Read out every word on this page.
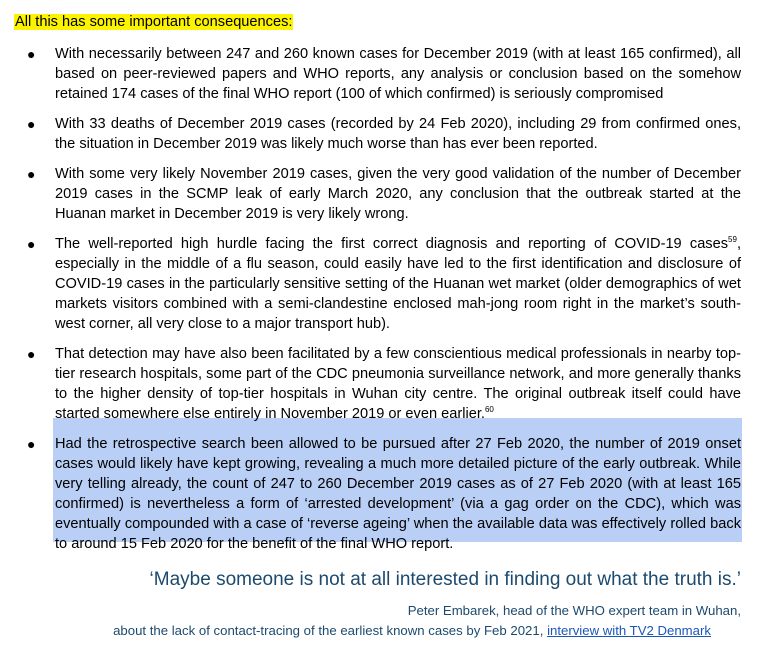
All this has some important consequences:
● With necessarily between 247 and 260 known cases for December 2019 (with at least 165 confirmed), all based on peer-reviewed papers and WHO reports, any analysis or conclusion based on the somehow retained 174 cases of the final WHO report (100 of which confirmed) is seriously compromised
● With 33 deaths of December 2019 cases (recorded by 24 Feb 2020), including 29 from confirmed ones, the situation in December 2019 was likely much worse than has ever been reported.
● With some very likely November 2019 cases, given the very good validation of the number of December 2019 cases in the SCMP leak of early March 2020, any conclusion that the outbreak started at the Huanan market in December 2019 is very likely wrong.
● The well-reported high hurdle facing the first correct diagnosis and reporting of COVID-19 cases$^{59}$, especially in the middle of a flu season, could easily have led to the first identification and disclosure of COVID-19 cases in the particularly sensitive setting of the Huanan wet market (older demographics of wet markets visitors combined with a semi-clandestine enclosed mah-jong room right in the market’s south-west corner, all very close to a major transport hub).
● That detection may have also been facilitated by a few conscientious medical professionals in nearby top-tier research hospitals, some part of the CDC pneumonia surveillance network, and more generally thanks to the higher density of top-tier hospitals in Wuhan city centre. The original outbreak itself could have started somewhere else entirely in November 2019 or even earlier.$^{60}$
● Had the retrospective search been allowed to be pursued after 27 Feb 2020, the number of 2019 onset cases would likely have kept growing, revealing a much more detailed picture of the early outbreak. While very telling already, the count of 247 to 260 December 2019 cases as of 27 Feb 2020 (with at least 165 confirmed) is nevertheless a form of ‘arrested development’ (via a gag order on the CDC), which was eventually compounded with a case of ‘reverse ageing’ when the available data was effectively rolled back to around 15 Feb 2020 for the benefit of the final WHO report.
‘Maybe someone is not at all interested in finding out what the truth is.’
Peter Embarek, head of the WHO expert team in Wuhan,
about the lack of contact-tracing of the earliest known cases by Feb 2021, interview with TV2 Denmark
